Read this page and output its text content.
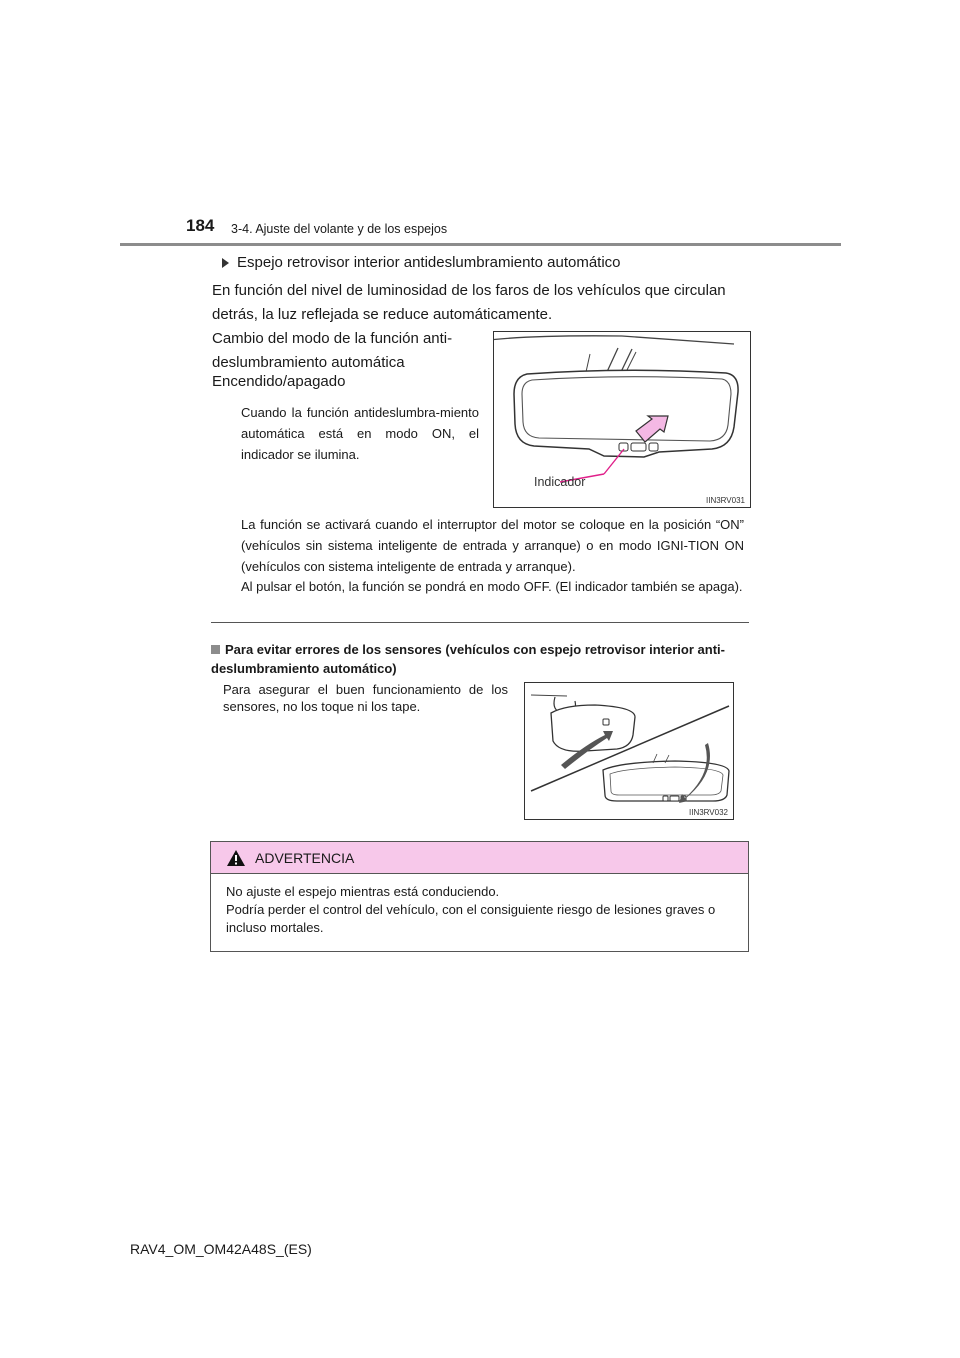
184 3-4. Ajuste del volante y de los espejos
Espejo retrovisor interior antideslumbramiento automático
En función del nivel de luminosidad de los faros de los vehículos que circulan detrás, la luz reflejada se reduce automáticamente.
Cambio del modo de la función anti-deslumbramiento automática
Encendido/apagado
Cuando la función antideslumbra-miento automática está en modo ON, el indicador se ilumina.
Indicador
IIN3RV031
La función se activará cuando el interruptor del motor se coloque en la posición “ON” (vehículos sin sistema inteligente de entrada y arranque) o en modo IGNI-TION ON (vehículos con sistema inteligente de entrada y arranque).
Al pulsar el botón, la función se pondrá en modo OFF. (El indicador también se apaga).
Para evitar errores de los sensores (vehículos con espejo retrovisor interior anti-deslumbramiento automático)
Para asegurar el buen funcionamiento de los sensores, no los toque ni los tape.
IIN3RV032
ADVERTENCIA
No ajuste el espejo mientras está conduciendo.
Podría perder el control del vehículo, con el consiguiente riesgo de lesiones graves o incluso mortales.
RAV4_OM_OM42A48S_(ES)
